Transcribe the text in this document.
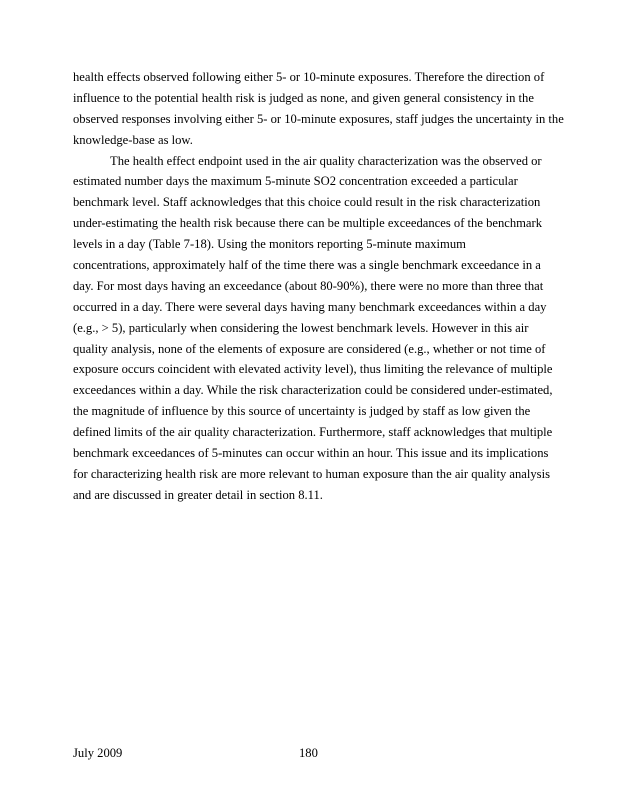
health effects observed following either 5- or 10-minute exposures. Therefore the direction of

influence to the potential health risk is judged as none, and given general consistency in the

observed responses involving either 5- or 10-minute exposures, staff judges the uncertainty in the

knowledge-base as low.

The health effect endpoint used in the air quality characterization was the observed or

estimated number days the maximum 5-minute SO2 concentration exceeded a particular

benchmark level. Staff acknowledges that this choice could result in the risk characterization

under-estimating the health risk because there can be multiple exceedances of the benchmark

levels in a day (Table 7-18). Using the monitors reporting 5-minute maximum

concentrations, approximately half of the time there was a single benchmark exceedance in a

day. For most days having an exceedance (about 80-90%), there were no more than three that

occurred in a day. There were several days having many benchmark exceedances within a day

(e.g., > 5), particularly when considering the lowest benchmark levels. However in this air

quality analysis, none of the elements of exposure are considered (e.g., whether or not time of

exposure occurs coincident with elevated activity level), thus limiting the relevance of multiple

exceedances within a day. While the risk characterization could be considered under-estimated,

the magnitude of influence by this source of uncertainty is judged by staff as low given the

defined limits of the air quality characterization. Furthermore, staff acknowledges that multiple

benchmark exceedances of 5-minutes can occur within an hour. This issue and its implications

for characterizing health risk are more relevant to human exposure than the air quality analysis

and are discussed in greater detail in section 8.11.

July 2009	180
